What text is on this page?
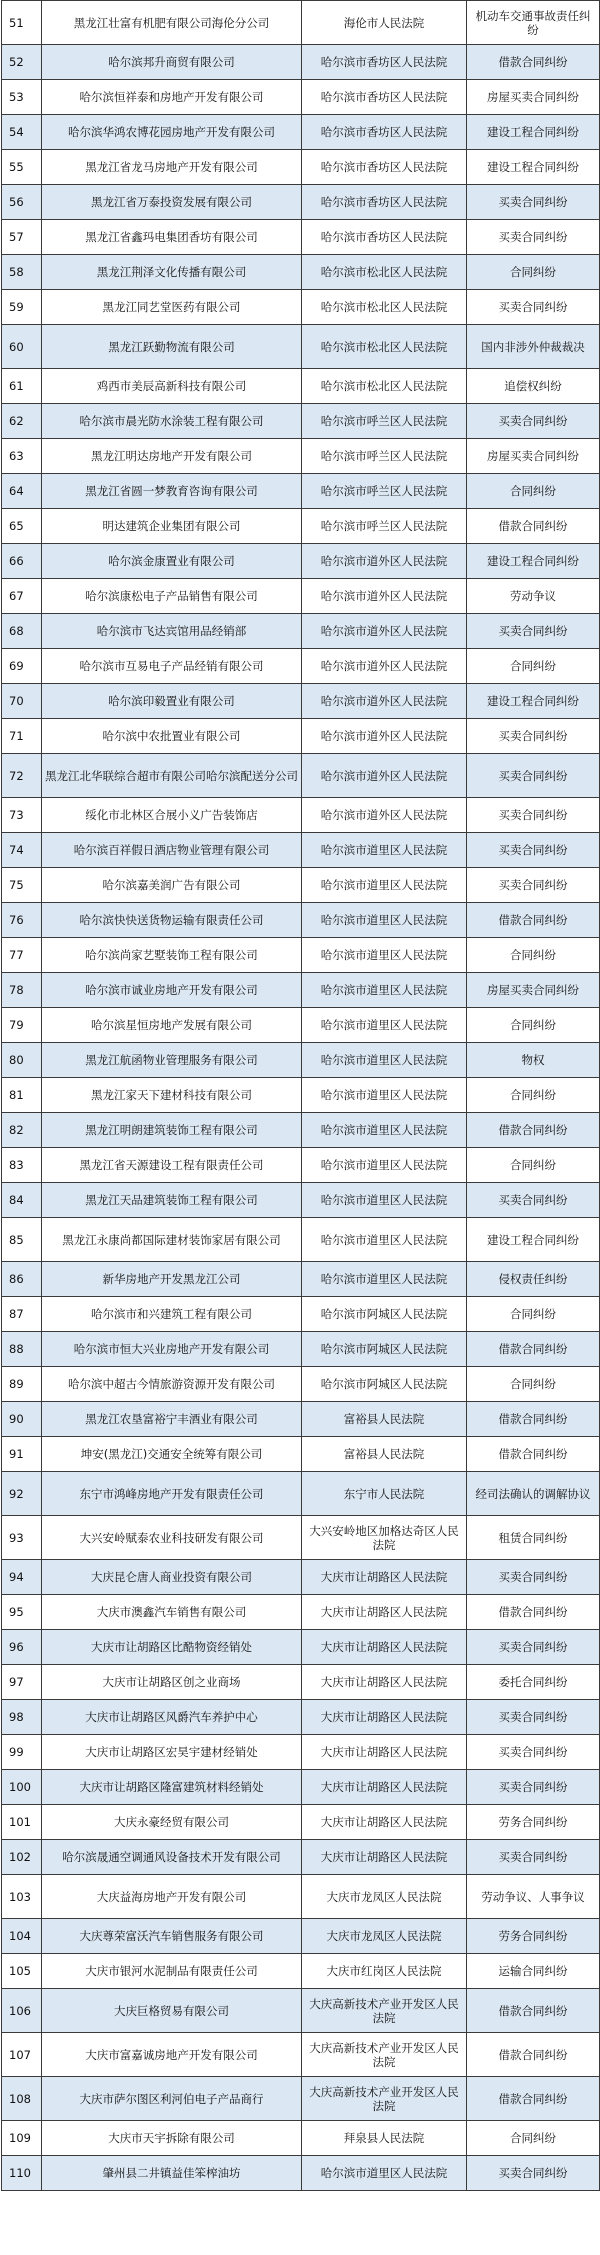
51	黑龙江壮富有机肥有限公司海伦分公司	海伦市人民法院	机动车交通事故责任纠纷
52	哈尔滨邦升商贸有限公司	哈尔滨市香坊区人民法院	借款合同纠纷
53	哈尔滨恒祥泰和房地产开发有限公司	哈尔滨市香坊区人民法院	房屋买卖合同纠纷
54	哈尔滨华鸿农博花园房地产开发有限公司	哈尔滨市香坊区人民法院	建设工程合同纠纷
55	黑龙江省龙马房地产开发有限公司	哈尔滨市香坊区人民法院	建设工程合同纠纷
56	黑龙江省万泰投资发展有限公司	哈尔滨市香坊区人民法院	买卖合同纠纷
57	黑龙江省鑫玛电集团香坊有限公司	哈尔滨市香坊区人民法院	买卖合同纠纷
58	黑龙江荆泽文化传播有限公司	哈尔滨市松北区人民法院	合同纠纷
59	黑龙江同艺堂医药有限公司	哈尔滨市松北区人民法院	买卖合同纠纷
60	黑龙江跃勤物流有限公司	哈尔滨市松北区人民法院	国内非涉外仲裁裁决
61	鸡西市美辰高新科技有限公司	哈尔滨市松北区人民法院	追偿权纠纷
62	哈尔滨市晨光防水涂装工程有限公司	哈尔滨市呼兰区人民法院	买卖合同纠纷
63	黑龙江明达房地产开发有限公司	哈尔滨市呼兰区人民法院	房屋买卖合同纠纷
64	黑龙江省圆一梦教育咨询有限公司	哈尔滨市呼兰区人民法院	合同纠纷
65	明达建筑企业集团有限公司	哈尔滨市呼兰区人民法院	借款合同纠纷
66	哈尔滨金康置业有限公司	哈尔滨市道外区人民法院	建设工程合同纠纷
67	哈尔滨康松电子产品销售有限公司	哈尔滨市道外区人民法院	劳动争议
68	哈尔滨市飞达宾馆用品经销部	哈尔滨市道外区人民法院	买卖合同纠纷
69	哈尔滨市互易电子产品经销有限公司	哈尔滨市道外区人民法院	合同纠纷
70	哈尔滨印毅置业有限公司	哈尔滨市道外区人民法院	建设工程合同纠纷
71	哈尔滨中农批置业有限公司	哈尔滨市道外区人民法院	买卖合同纠纷
72	黑龙江北华联综合超市有限公司哈尔滨配送分公司	哈尔滨市道外区人民法院	买卖合同纠纷
73	绥化市北林区合展小义广告装饰店	哈尔滨市道外区人民法院	买卖合同纠纷
74	哈尔滨百祥假日酒店物业管理有限公司	哈尔滨市道里区人民法院	买卖合同纠纷
75	哈尔滨嘉美润广告有限公司	哈尔滨市道里区人民法院	买卖合同纠纷
76	哈尔滨快快送货物运输有限责任公司	哈尔滨市道里区人民法院	借款合同纠纷
77	哈尔滨尚家艺墅装饰工程有限公司	哈尔滨市道里区人民法院	合同纠纷
78	哈尔滨市诚业房地产开发有限公司	哈尔滨市道里区人民法院	房屋买卖合同纠纷
79	哈尔滨星恒房地产发展有限公司	哈尔滨市道里区人民法院	合同纠纷
80	黑龙江航函物业管理服务有限公司	哈尔滨市道里区人民法院	物权
81	黑龙江家天下建材科技有限公司	哈尔滨市道里区人民法院	合同纠纷
82	黑龙江明朗建筑装饰工程有限公司	哈尔滨市道里区人民法院	借款合同纠纷
83	黑龙江省天源建设工程有限责任公司	哈尔滨市道里区人民法院	合同纠纷
84	黑龙江天品建筑装饰工程有限公司	哈尔滨市道里区人民法院	买卖合同纠纷
85	黑龙江永康尚都国际建材装饰家居有限公司	哈尔滨市道里区人民法院	建设工程合同纠纷
86	新华房地产开发黑龙江公司	哈尔滨市道里区人民法院	侵权责任纠纷
87	哈尔滨市和兴建筑工程有限公司	哈尔滨市阿城区人民法院	合同纠纷
88	哈尔滨市恒大兴业房地产开发有限公司	哈尔滨市阿城区人民法院	借款合同纠纷
89	哈尔滨中超古今情旅游资源开发有限公司	哈尔滨市阿城区人民法院	合同纠纷
90	黑龙江农垦富裕宁丰酒业有限公司	富裕县人民法院	借款合同纠纷
91	坤安(黑龙江)交通安全统筹有限公司	富裕县人民法院	借款合同纠纷
92	东宁市鸿峰房地产开发有限责任公司	东宁市人民法院	经司法确认的调解协议
93	大兴安岭赋泰农业科技研发有限公司	大兴安岭地区加格达奇区人民法院	租赁合同纠纷
94	大庆昆仑唐人商业投资有限公司	大庆市让胡路区人民法院	买卖合同纠纷
95	大庆市澳鑫汽车销售有限公司	大庆市让胡路区人民法院	借款合同纠纷
96	大庆市让胡路区比酷物资经销处	大庆市让胡路区人民法院	买卖合同纠纷
97	大庆市让胡路区创之业商场	大庆市让胡路区人民法院	委托合同纠纷
98	大庆市让胡路区风爵汽车养护中心	大庆市让胡路区人民法院	买卖合同纠纷
99	大庆市让胡路区宏昊宇建材经销处	大庆市让胡路区人民法院	买卖合同纠纷
100	大庆市让胡路区隆富建筑材料经销处	大庆市让胡路区人民法院	买卖合同纠纷
101	大庆永豪经贸有限公司	大庆市让胡路区人民法院	劳务合同纠纷
102	哈尔滨晟通空调通风设备技术开发有限公司	大庆市让胡路区人民法院	买卖合同纠纷
103	大庆益海房地产开发有限公司	大庆市龙凤区人民法院	劳动争议、人事争议
104	大庆尊荣富沃汽车销售服务有限公司	大庆市龙凤区人民法院	劳务合同纠纷
105	大庆市银河水泥制品有限责任公司	大庆市红岗区人民法院	运输合同纠纷
106	大庆巨格贸易有限公司	大庆高新技术产业开发区人民法院	借款合同纠纷
107	大庆市富嘉诚房地产开发有限公司	大庆高新技术产业开发区人民法院	借款合同纠纷
108	大庆市萨尔图区利河伯电子产品商行	大庆高新技术产业开发区人民法院	借款合同纠纷
109	大庆市天宇拆除有限公司	拜泉县人民法院	合同纠纷
110	肇州县二井镇益佳笨榨油坊	哈尔滨市道里区人民法院	买卖合同纠纷
